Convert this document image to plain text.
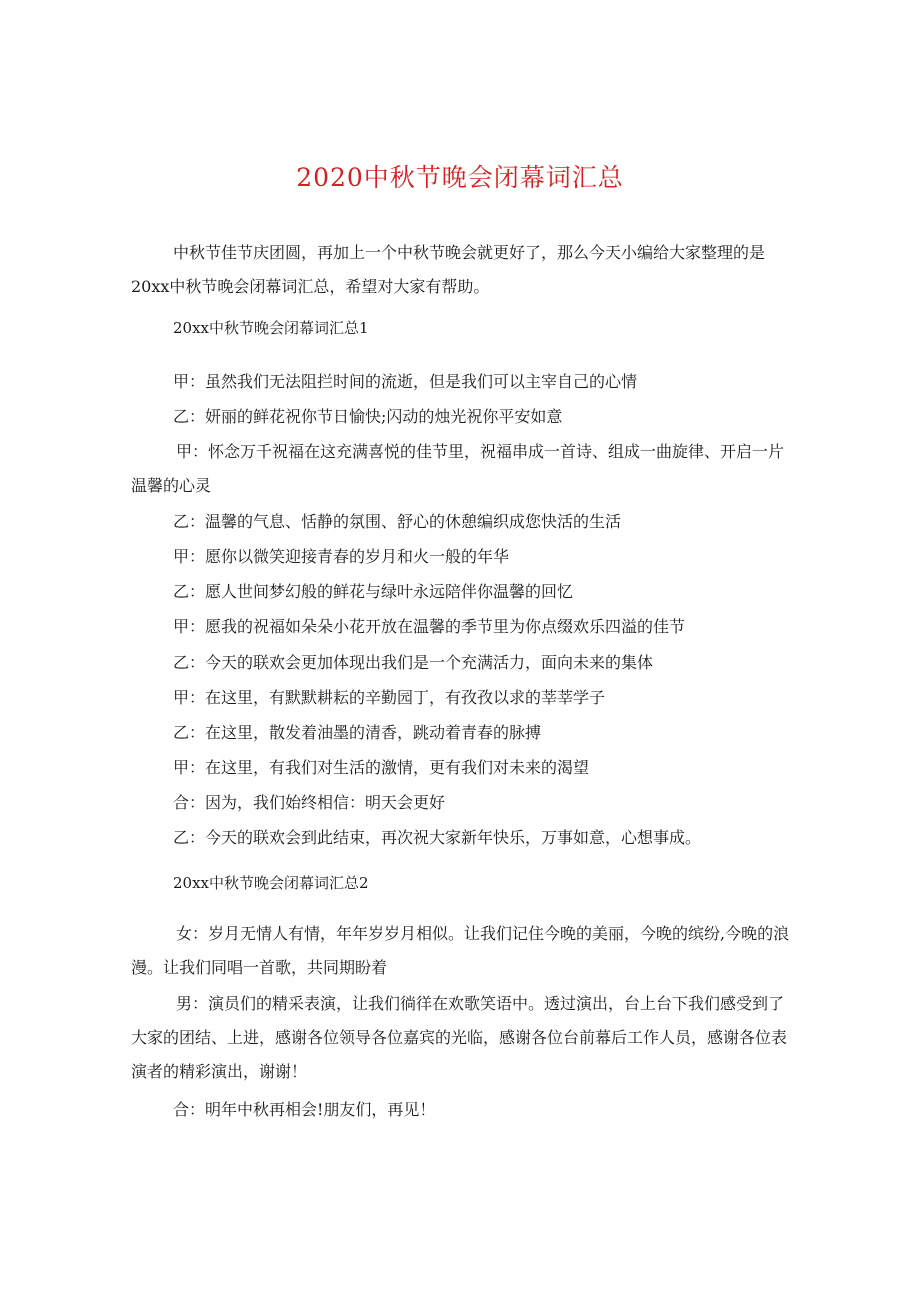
2020中秋节晚会闭幕词汇总
中秋节佳节庆团圆，再加上一个中秋节晚会就更好了，那么今天小编给大家整理的是20xx中秋节晚会闭幕词汇总，希望对大家有帮助。
20xx中秋节晚会闭幕词汇总1
甲：虽然我们无法阻拦时间的流逝，但是我们可以主宰自己的心情
乙：妍丽的鲜花祝你节日愉快;闪动的烛光祝你平安如意
甲：怀念万千祝福在这充满喜悦的佳节里，祝福串成一首诗、组成一曲旋律、开启一片温馨的心灵
乙：温馨的气息、恬静的氛围、舒心的休憩编织成您快活的生活
甲：愿你以微笑迎接青春的岁月和火一般的年华
乙：愿人世间梦幻般的鲜花与绿叶永远陪伴你温馨的回忆
甲：愿我的祝福如朵朵小花开放在温馨的季节里为你点缀欢乐四溢的佳节
乙：今天的联欢会更加体现出我们是一个充满活力，面向未来的集体
甲：在这里，有默默耕耘的辛勤园丁，有孜孜以求的莘莘学子
乙：在这里，散发着油墨的清香，跳动着青春的脉搏
甲：在这里，有我们对生活的激情，更有我们对未来的渴望
合：因为，我们始终相信：明天会更好
乙：今天的联欢会到此结束，再次祝大家新年快乐，万事如意，心想事成。
20xx中秋节晚会闭幕词汇总2
女：岁月无情人有情，年年岁岁月相似。让我们记住今晚的美丽，今晚的缤纷,今晚的浪漫。让我们同唱一首歌，共同期盼着
男：演员们的精采表演，让我们徜徉在欢歌笑语中。透过演出，台上台下我们感受到了大家的团结、上进，感谢各位领导各位嘉宾的光临，感谢各位台前幕后工作人员，感谢各位表演者的精彩演出，谢谢！
合：明年中秋再相会!朋友们，再见！
